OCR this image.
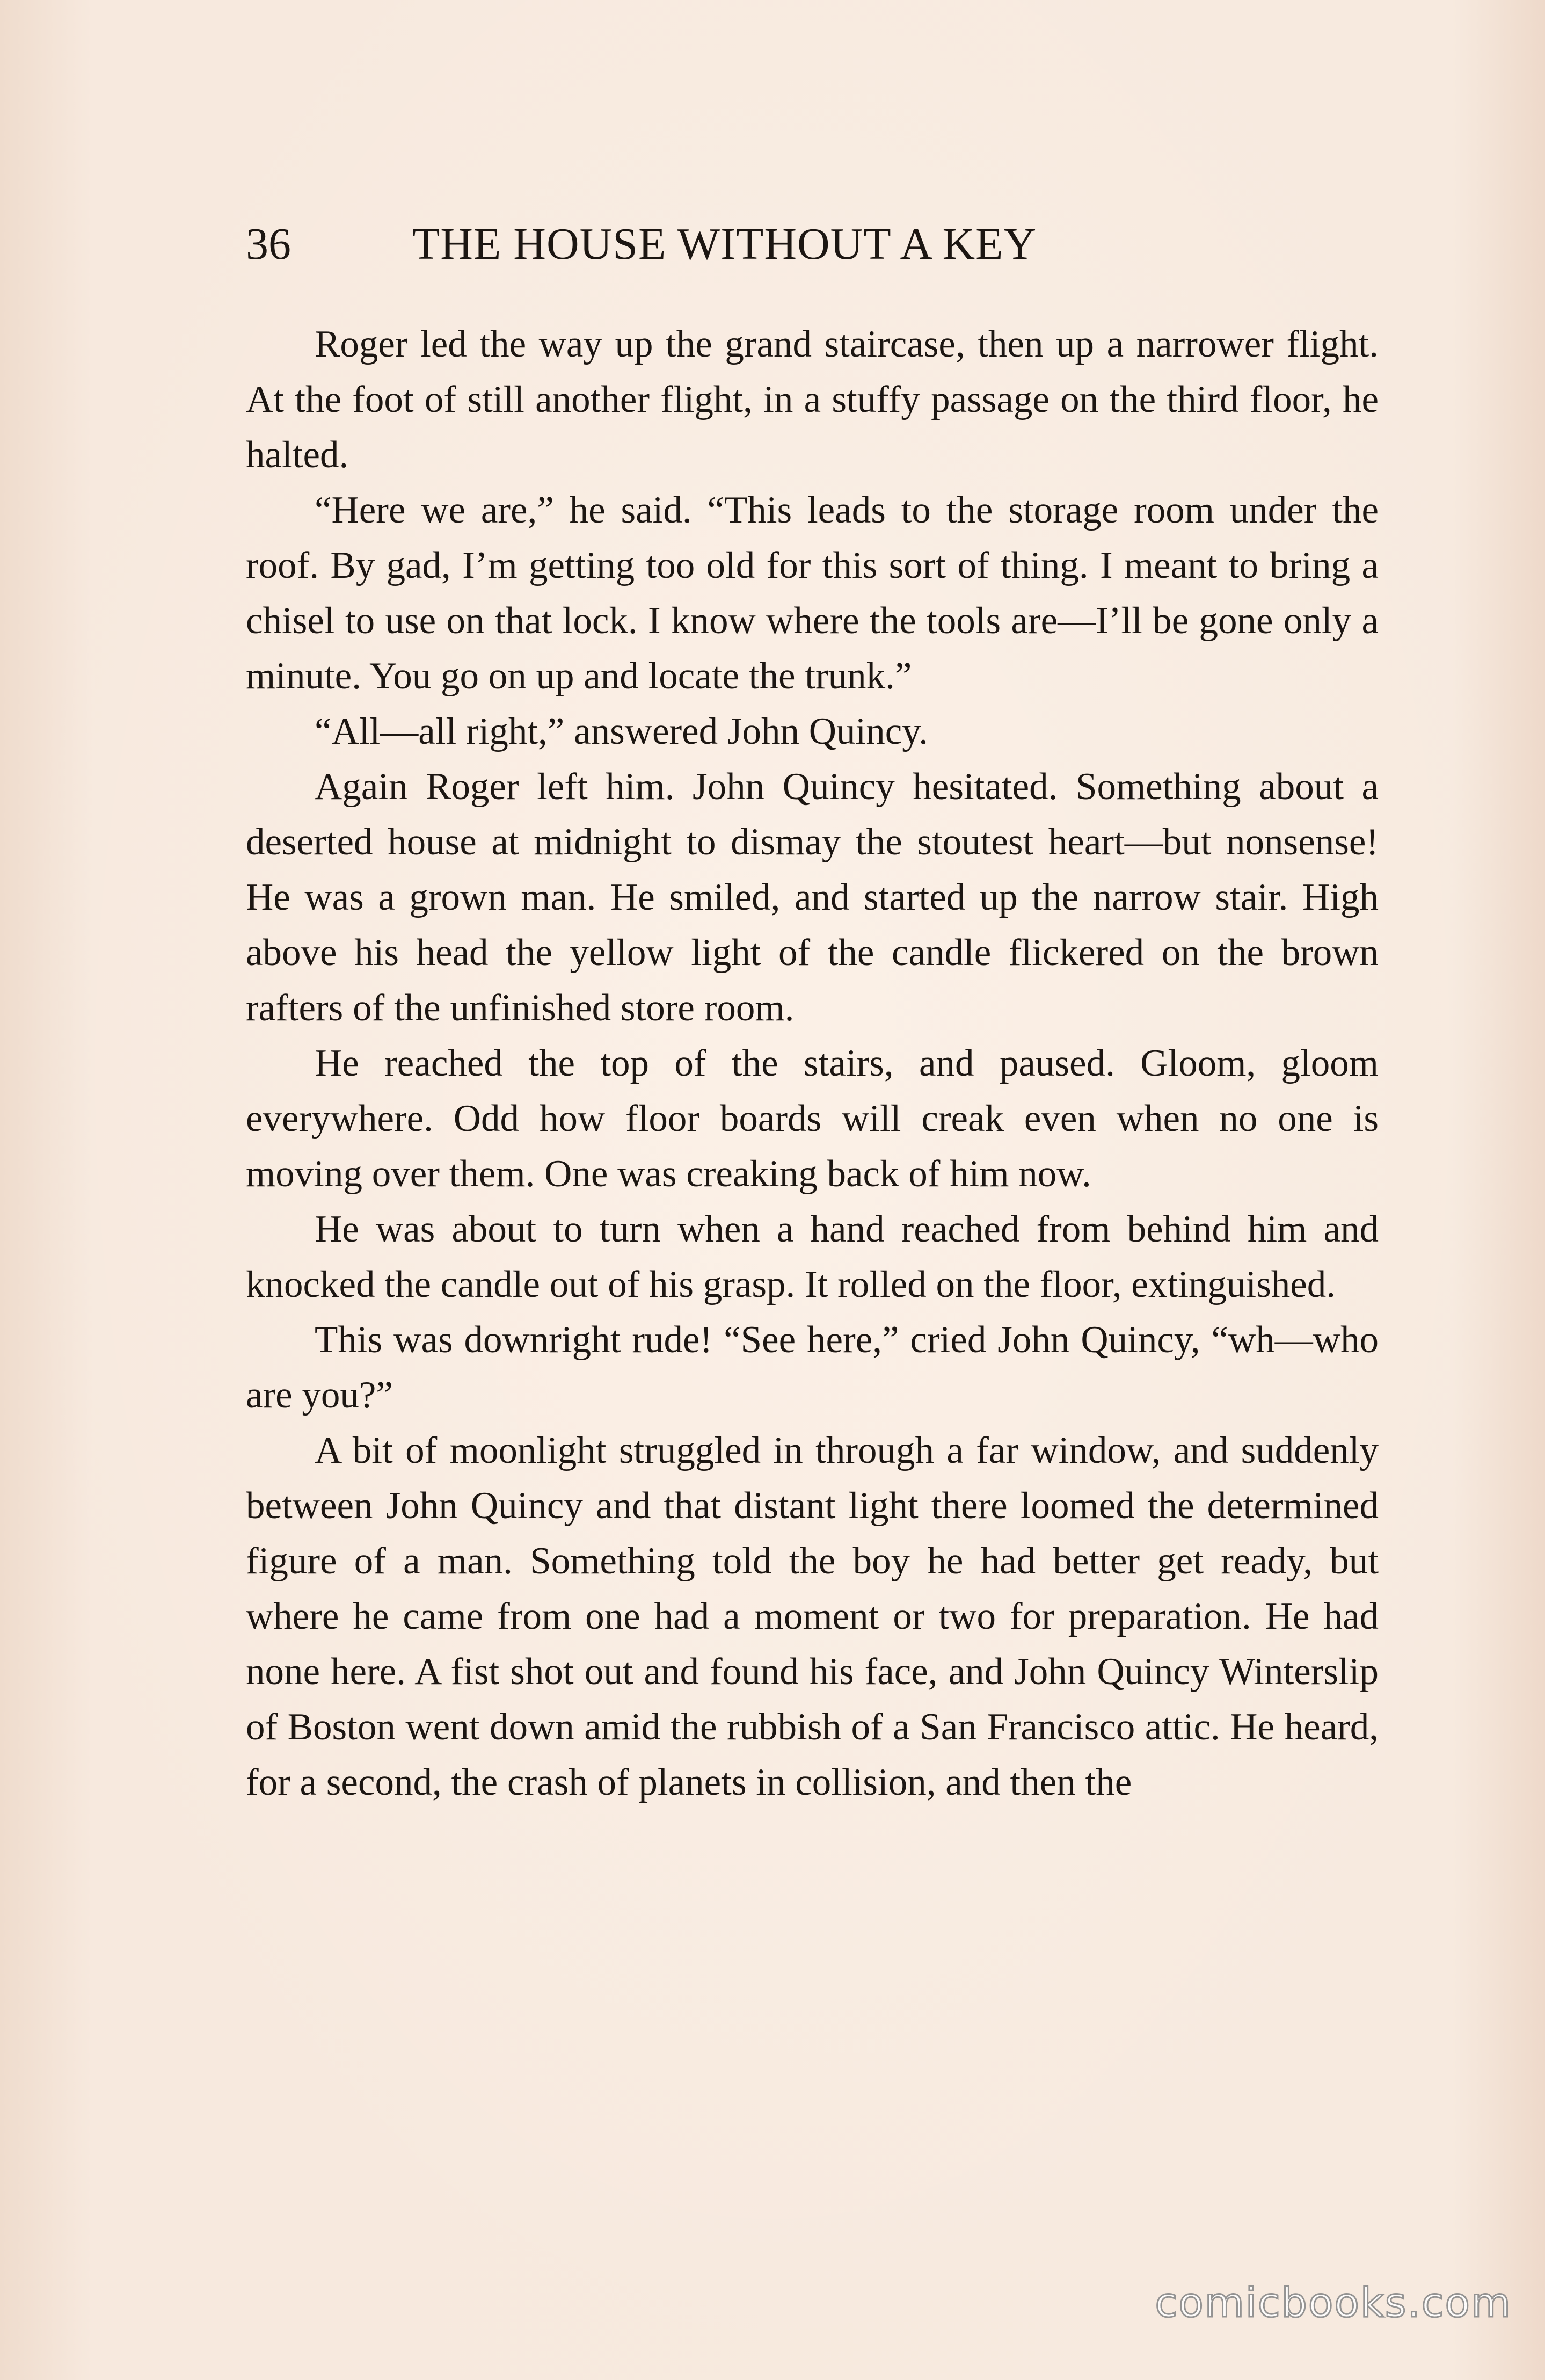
36	THE HOUSE WITHOUT A KEY

Roger led the way up the grand staircase, then up a narrower flight. At the foot of still another flight, in a stuffy passage on the third floor, he halted.

“Here we are,” he said. “This leads to the storage room under the roof. By gad, I’m getting too old for this sort of thing. I meant to bring a chisel to use on that lock. I know where the tools are—I’ll be gone only a minute. You go on up and locate the trunk.”

“All—all right,” answered John Quincy.

Again Roger left him. John Quincy hesitated. Something about a deserted house at midnight to dismay the stoutest heart—but nonsense! He was a grown man. He smiled, and started up the narrow stair. High above his head the yellow light of the candle flickered on the brown rafters of the unfinished store room.

He reached the top of the stairs, and paused. Gloom, gloom everywhere. Odd how floor boards will creak even when no one is moving over them. One was creaking back of him now.

He was about to turn when a hand reached from behind him and knocked the candle out of his grasp. It rolled on the floor, extinguished.

This was downright rude! “See here,” cried John Quincy, “wh—who are you?”

A bit of moonlight struggled in through a far window, and suddenly between John Quincy and that distant light there loomed the determined figure of a man. Something told the boy he had better get ready, but where he came from one had a moment or two for preparation. He had none here. A fist shot out and found his face, and John Quincy Winterslip of Boston went down amid the rubbish of a San Francisco attic. He heard, for a second, the crash of planets in collision, and then the

comicbooks.com
